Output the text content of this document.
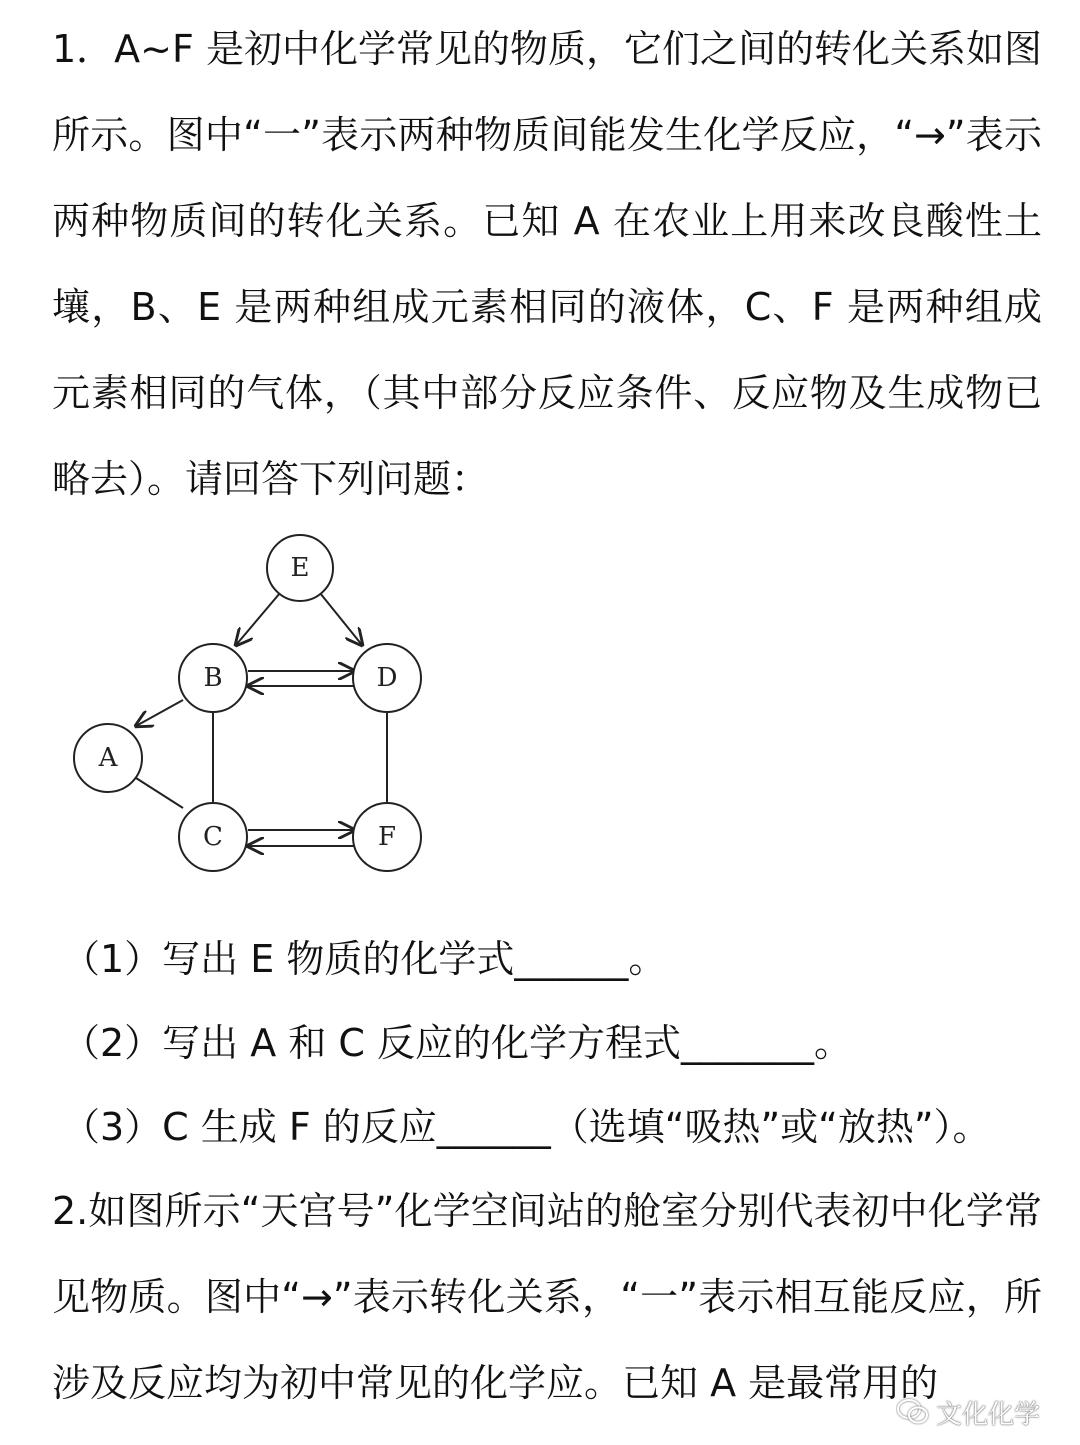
1．A~F 是初中化学常见的物质，它们之间的转化关系如图所示。图中“一”表示两种物质间能发生化学反应，“→”表示两种物质间的转化关系。已知 A 在农业上用来改良酸性土壤，B、E 是两种组成元素相同的液体，C、F 是两种组成元素相同的气体，（其中部分反应条件、反应物及生成物已略去）。请回答下列问题：

E
B	D
A
C	F

（1）写出 E 物质的化学式______。

（2）写出 A 和 C 反应的化学方程式_______。

（3）C 生成 F 的反应______（选填“吸热”或“放热”）。

2.如图所示“天宫号”化学空间站的舱室分别代表初中化学常见物质。图中“→”表示转化关系，“一”表示相互能反应，所涉及反应均为初中常见的化学应。已知 A 是最常用的

文化化学
